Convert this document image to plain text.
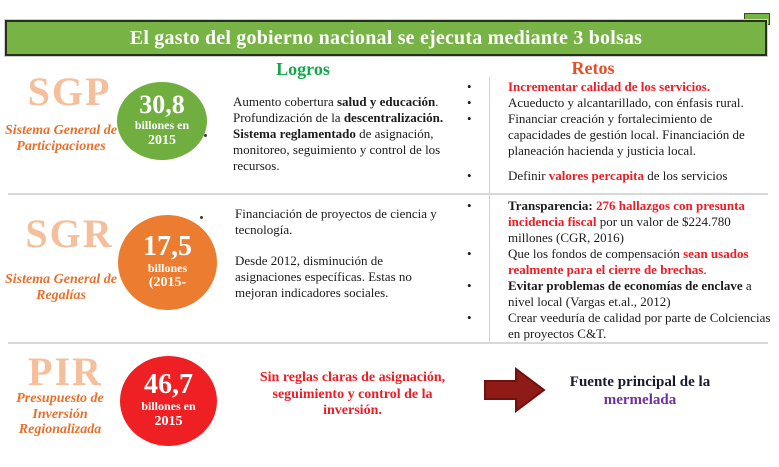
El gasto del gobierno nacional se ejecuta mediante 3 bolsas
Logros	Retos
SGP
Sistema General de Participaciones
30,8
billones en
2015
Aumento cobertura salud y educación. Profundización de la descentralización. Sistema reglamentado de asignación, monitoreo, seguimiento y control de los recursos.
• Incrementar calidad de los servicios.
• Acueducto y alcantarillado, con énfasis rural.
• Financiar creación y fortalecimiento de capacidades de gestión local. Financiación de planeación hacienda y justicia local.
• Definir valores percapita de los servicios
SGR
Sistema General de Regalías
17,5
billones
(2015-

Financiación de proyectos de ciencia y tecnología.

Desde 2012, disminución de asignaciones específicas. Estas no mejoran indicadores sociales.

• Transparencia: 276 hallazgos con presunta incidencia fiscal por un valor de $224.780 millones (CGR, 2016)
• Que los fondos de compensación sean usados realmente para el cierre de brechas.
• Evitar problemas de economías de enclave a nivel local (Vargas et.al., 2012)
• Crear veeduría de calidad por parte de Colciencias en proyectos C&T.
PIR
Presupuesto de Inversión Regionalizada
46,7
billones en
2015
Sin reglas claras de asignación, seguimiento y control de la inversión.
Fuente principal de la
mermelada
